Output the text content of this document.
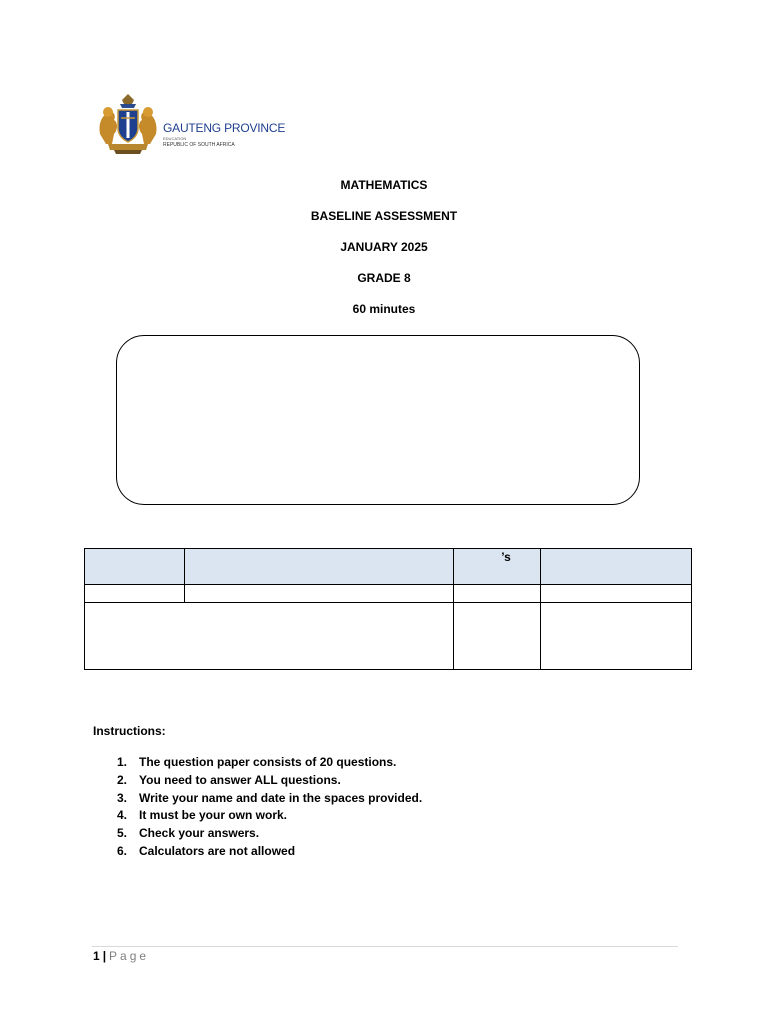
GAUTENG PROVINCE
EDUCATION
REPUBLIC OF SOUTH AFRICA
MATHEMATICS
BASELINE ASSESSMENT
JANUARY 2025
GRADE 8
60 minutes

		’s	

Instructions:
1. The question paper consists of 20 questions.
2. You need to answer ALL questions.
3. Write your name and date in the spaces provided.
4. It must be your own work.
5. Check your answers.
6. Calculators are not allowed
1 | Page
